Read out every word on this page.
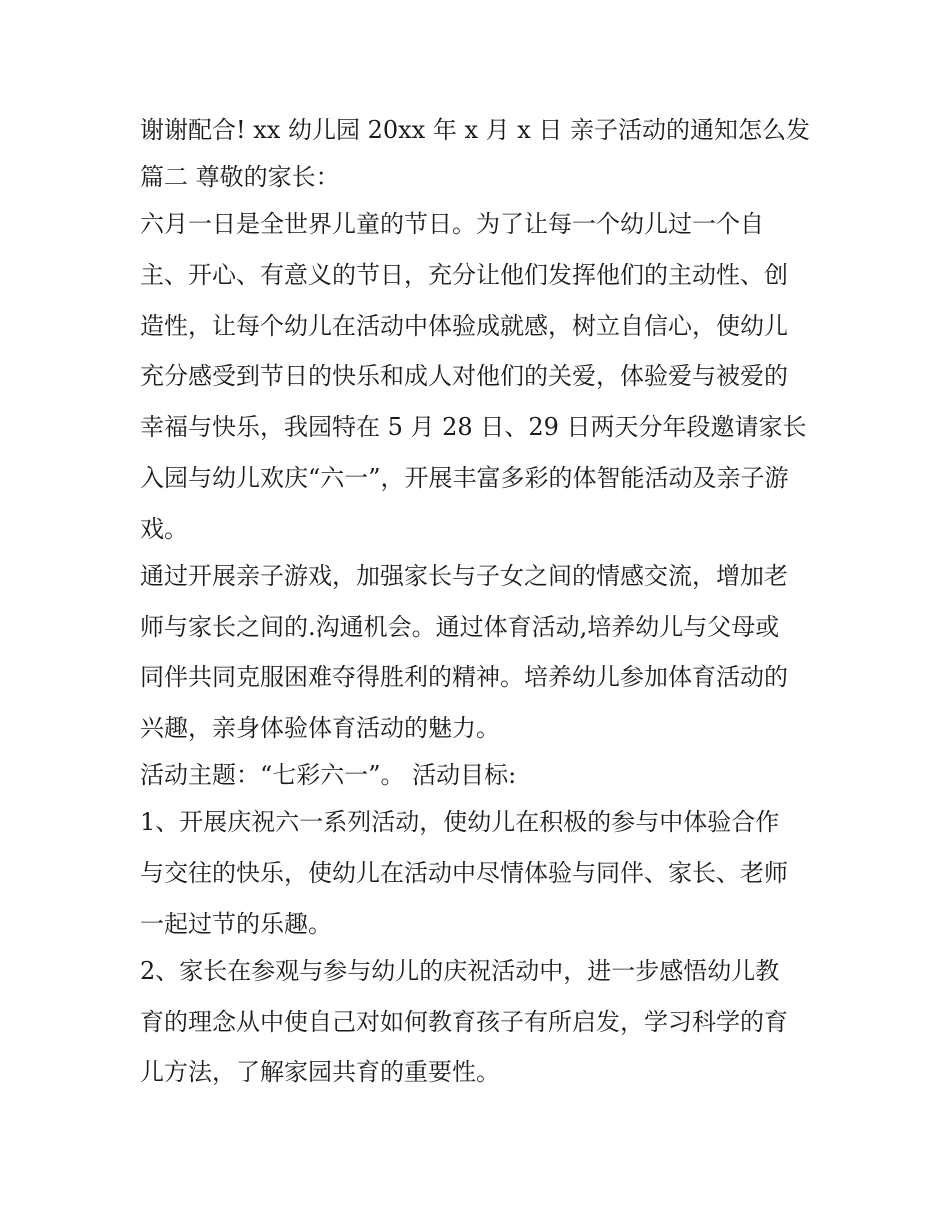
谢谢配合! xx 幼儿园 20xx 年 x 月 x 日 亲子活动的通知怎么发
篇二 尊敬的家长：
六月一日是全世界儿童的节日。为了让每一个幼儿过一个自
主、开心、有意义的节日，充分让他们发挥他们的主动性、创
造性，让每个幼儿在活动中体验成就感，树立自信心，使幼儿
充分感受到节日的快乐和成人对他们的关爱，体验爱与被爱的
幸福与快乐，我园特在 5 月 28 日、29 日两天分年段邀请家长
入园与幼儿欢庆“六一”，开展丰富多彩的体智能活动及亲子游
戏。
通过开展亲子游戏，加强家长与子女之间的情感交流，增加老
师与家长之间的.沟通机会。通过体育活动,培养幼儿与父母或
同伴共同克服困难夺得胜利的精神。培养幼儿参加体育活动的
兴趣，亲身体验体育活动的魅力。
活动主题：“七彩六一”。 活动目标:
1、开展庆祝六一系列活动，使幼儿在积极的参与中体验合作
与交往的快乐，使幼儿在活动中尽情体验与同伴、家长、老师
一起过节的乐趣。
2、家长在参观与参与幼儿的庆祝活动中，进一步感悟幼儿教
育的理念从中使自己对如何教育孩子有所启发，学习科学的育
儿方法，了解家园共育的重要性。
